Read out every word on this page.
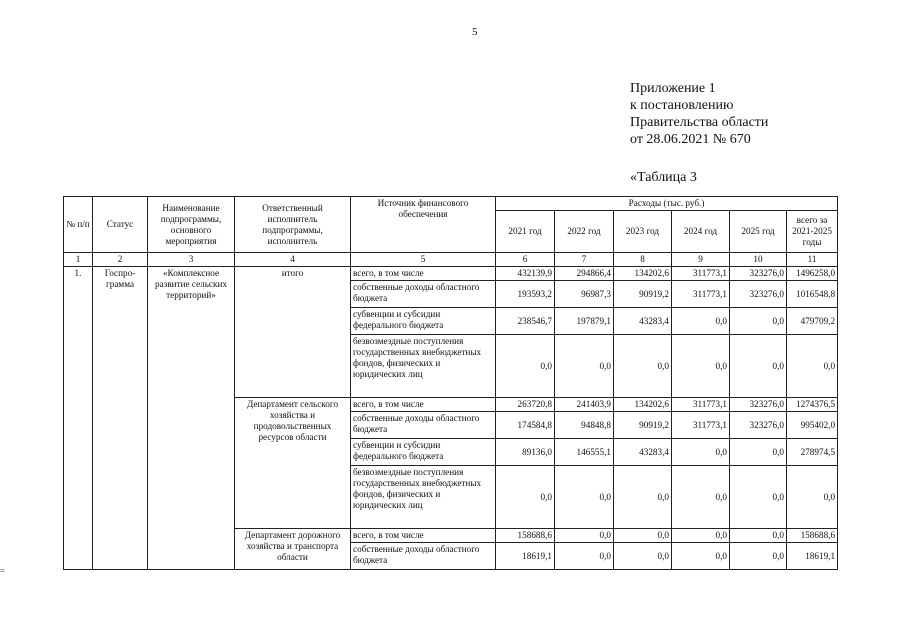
5
Приложение 1
к постановлению
Правительства области
от 28.06.2021 № 670
«Таблица 3
=
№ п/п	Статус	Наименование подпрограммы, основного мероприятия	Ответственный исполнитель подпрограммы, исполнитель	Источник финансового обеспечения	Расходы (тыс. руб.)					
					2021 год	2022 год	2023 год	2024 год	2025 год	всего за 2021-2025 годы
1	2	3	4	5	6	7	8	9	10	11
1.	Госпро-грамма	«Комплексное развитие сельских территорий»	итого	всего, в том числе	432139,9	294866,4	134202,6	311773,1	323276,0	1496258,0
				собственные доходы областного бюджета	193593,2	96987,3	90919,2	311773,1	323276,0	1016548,8
				субвенции и субсидии федерального бюджета	238546,7	197879,1	43283,4	0,0	0,0	479709,2
				безвозмездные поступления государственных внебюджетных фондов, физических и юридических лиц	0,0	0,0	0,0	0,0	0,0	0,0
			Департамент сельского хозяйства и продовольственных ресурсов области	всего, в том числе	263720,8	241403,9	134202,6	311773,1	323276,0	1274376,5
				собственные доходы областного бюджета	174584,8	94848,8	90919,2	311773,1	323276,0	995402,0
				субвенции и субсидии федерального бюджета	89136,0	146555,1	43283,4	0,0	0,0	278974,5
				безвозмездные поступления государственных внебюджетных фондов, физических и юридических лиц	0,0	0,0	0,0	0,0	0,0	0,0
			Департамент дорожного хозяйства и транспорта области	всего, в том числе	158688,6	0,0	0,0	0,0	0,0	158688,6
				собственные доходы областного бюджета	18619,1	0,0	0,0	0,0	0,0	18619,1
